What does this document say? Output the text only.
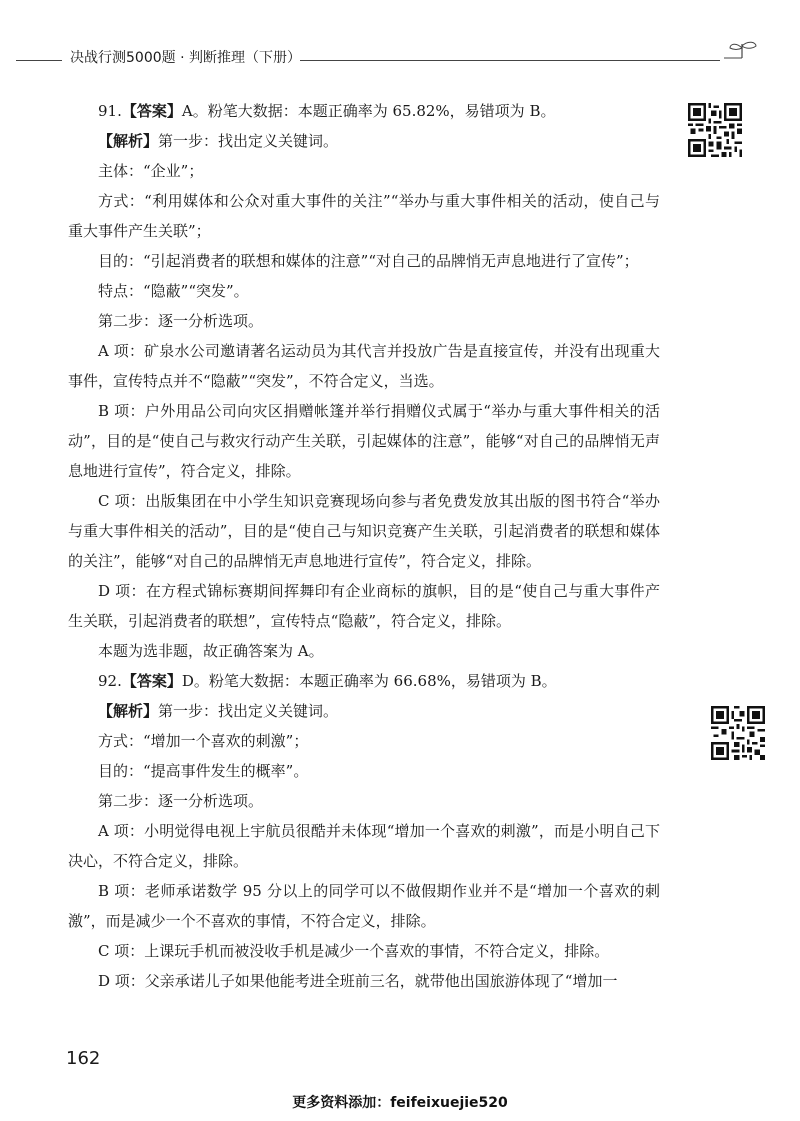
决战行测5000题 · 判断推理（下册）

91.【答案】A。粉笔大数据：本题正确率为 65.82%，易错项为 B。

【解析】第一步：找出定义关键词。

主体：“企业”；

方式：“利用媒体和公众对重大事件的关注”“举办与重大事件相关的活动，使自己与重大事件产生关联”；

目的：“引起消费者的联想和媒体的注意”“对自己的品牌悄无声息地进行了宣传”；

特点：“隐蔽”“突发”。

第二步：逐一分析选项。

A 项：矿泉水公司邀请著名运动员为其代言并投放广告是直接宣传，并没有出现重大事件，宣传特点并不“隐蔽”“突发”，不符合定义，当选。

B 项：户外用品公司向灾区捐赠帐篷并举行捐赠仪式属于“举办与重大事件相关的活动”，目的是“使自己与救灾行动产生关联，引起媒体的注意”，能够“对自己的品牌悄无声息地进行宣传”，符合定义，排除。

C 项：出版集团在中小学生知识竞赛现场向参与者免费发放其出版的图书符合“举办与重大事件相关的活动”，目的是“使自己与知识竞赛产生关联，引起消费者的联想和媒体的关注”，能够“对自己的品牌悄无声息地进行宣传”，符合定义，排除。

D 项：在方程式锦标赛期间挥舞印有企业商标的旗帜，目的是“使自己与重大事件产生关联，引起消费者的联想”，宣传特点“隐蔽”，符合定义，排除。

本题为选非题，故正确答案为 A。

92.【答案】D。粉笔大数据：本题正确率为 66.68%，易错项为 B。

【解析】第一步：找出定义关键词。

方式：“增加一个喜欢的刺激”；

目的：“提高事件发生的概率”。

第二步：逐一分析选项。

A 项：小明觉得电视上宇航员很酷并未体现“增加一个喜欢的刺激”，而是小明自己下决心，不符合定义，排除。

B 项：老师承诺数学 95 分以上的同学可以不做假期作业并不是“增加一个喜欢的刺激”，而是减少一个不喜欢的事情，不符合定义，排除。

C 项：上课玩手机而被没收手机是减少一个喜欢的事情，不符合定义，排除。

D 项：父亲承诺儿子如果他能考进全班前三名，就带他出国旅游体现了“增加一

162
更多资料添加：feifeixuejie520
